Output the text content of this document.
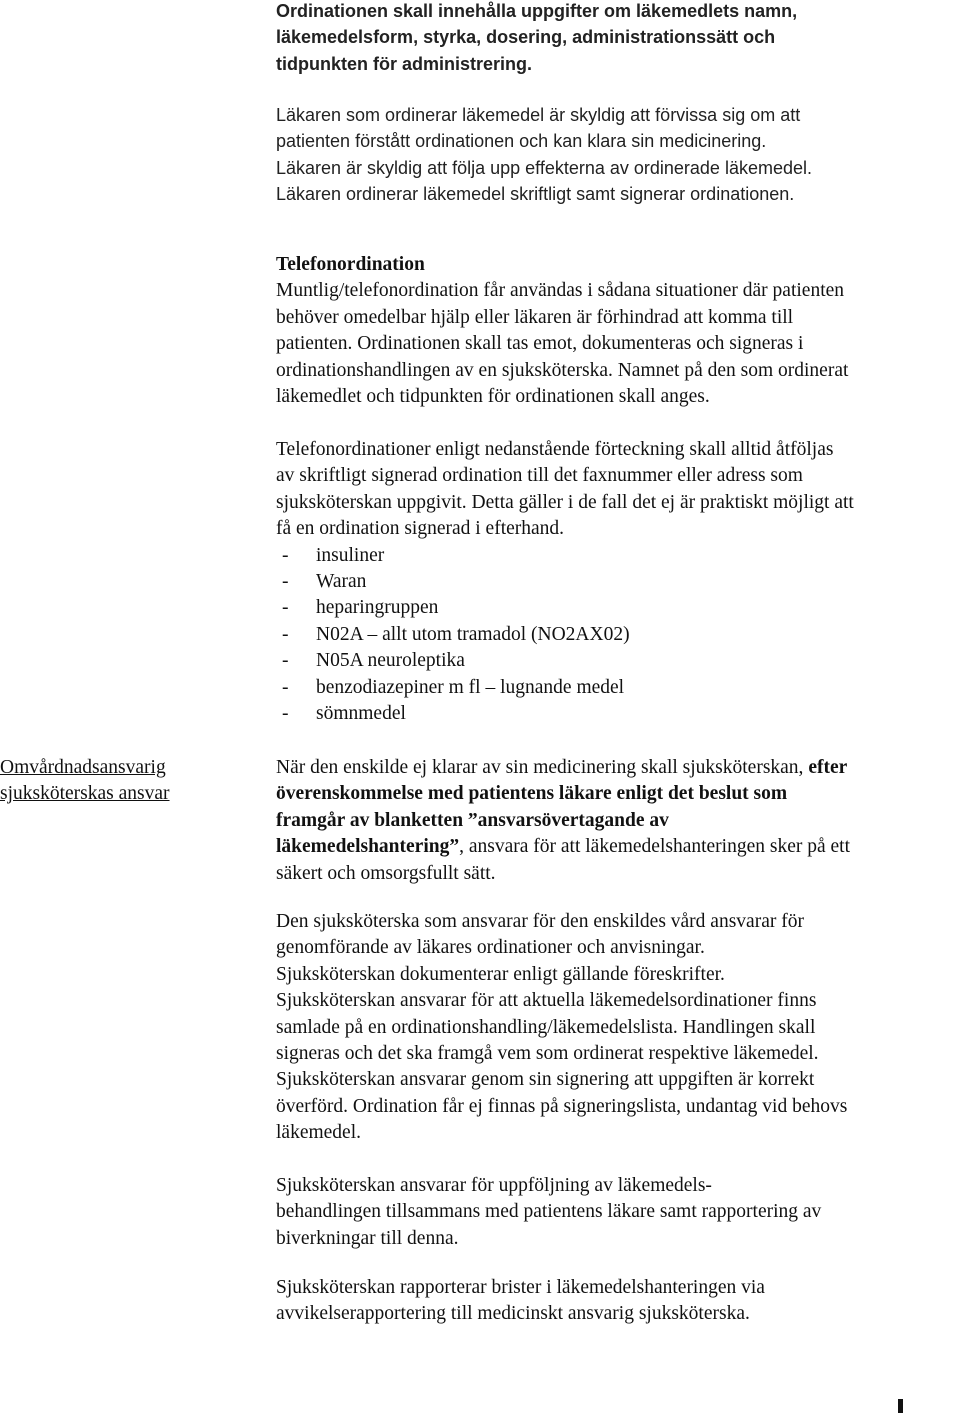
Ordinationen skall innehålla uppgifter om läkemedlets namn,
läkemedelsform, styrka, dosering, administrationssätt och
tidpunkten för administrering.
Läkaren som ordinerar läkemedel är skyldig att förvissa sig om att
patienten förstått ordinationen och kan klara sin medicinering.
Läkaren är skyldig att följa upp effekterna av ordinerade läkemedel.
Läkaren ordinerar läkemedel skriftligt samt signerar ordinationen.
Telefonordination
Muntlig/telefonordination får användas i sådana situationer där patienten
behöver omedelbar hjälp eller läkaren är förhindrad att komma till
patienten. Ordinationen skall tas emot, dokumenteras och signeras i
ordinationshandlingen av en sjuksköterska. Namnet på den som ordinerat
läkemedlet och tidpunkten för ordinationen skall anges.
Telefonordinationer enligt nedanstående förteckning skall alltid åtföljas
av skriftligt signerad ordination till det faxnummer eller adress som
sjuksköterskan uppgivit. Detta gäller i de fall det ej är praktiskt möjligt att
få en ordination signerad i efterhand.
- insuliner
- Waran
- heparingruppen
- N02A – allt utom tramadol (NO2AX02)
- N05A neuroleptika
- benzodiazepiner m fl – lugnande medel
- sömnmedel
Omvårdnadsansvarig
sjuksköterskas ansvar
När den enskilde ej klarar av sin medicinering skall sjuksköterskan, efter
överenskommelse med patientens läkare enligt det beslut som
framgår av blanketten ”ansvarsövertagande av
läkemedelshantering”, ansvara för att läkemedelshanteringen sker på ett
säkert och omsorgsfullt sätt.
Den sjuksköterska som ansvarar för den enskildes vård ansvarar för
genomförande av läkares ordinationer och anvisningar.
Sjuksköterskan dokumenterar enligt gällande föreskrifter.
Sjuksköterskan ansvarar för att aktuella läkemedelsordinationer finns
samlade på en ordinationshandling/läkemedelslista. Handlingen skall
signeras och det ska framgå vem som ordinerat respektive läkemedel.
Sjuksköterskan ansvarar genom sin signering att uppgiften är korrekt
överförd. Ordination får ej finnas på signeringslista, undantag vid behovs
läkemedel.
Sjuksköterskan ansvarar för uppföljning av läkemedels-
behandlingen tillsammans med patientens läkare samt rapportering av
biverkningar till denna.
Sjuksköterskan rapporterar brister i läkemedelshanteringen via
avvikelserapportering till medicinskt ansvarig sjuksköterska.
